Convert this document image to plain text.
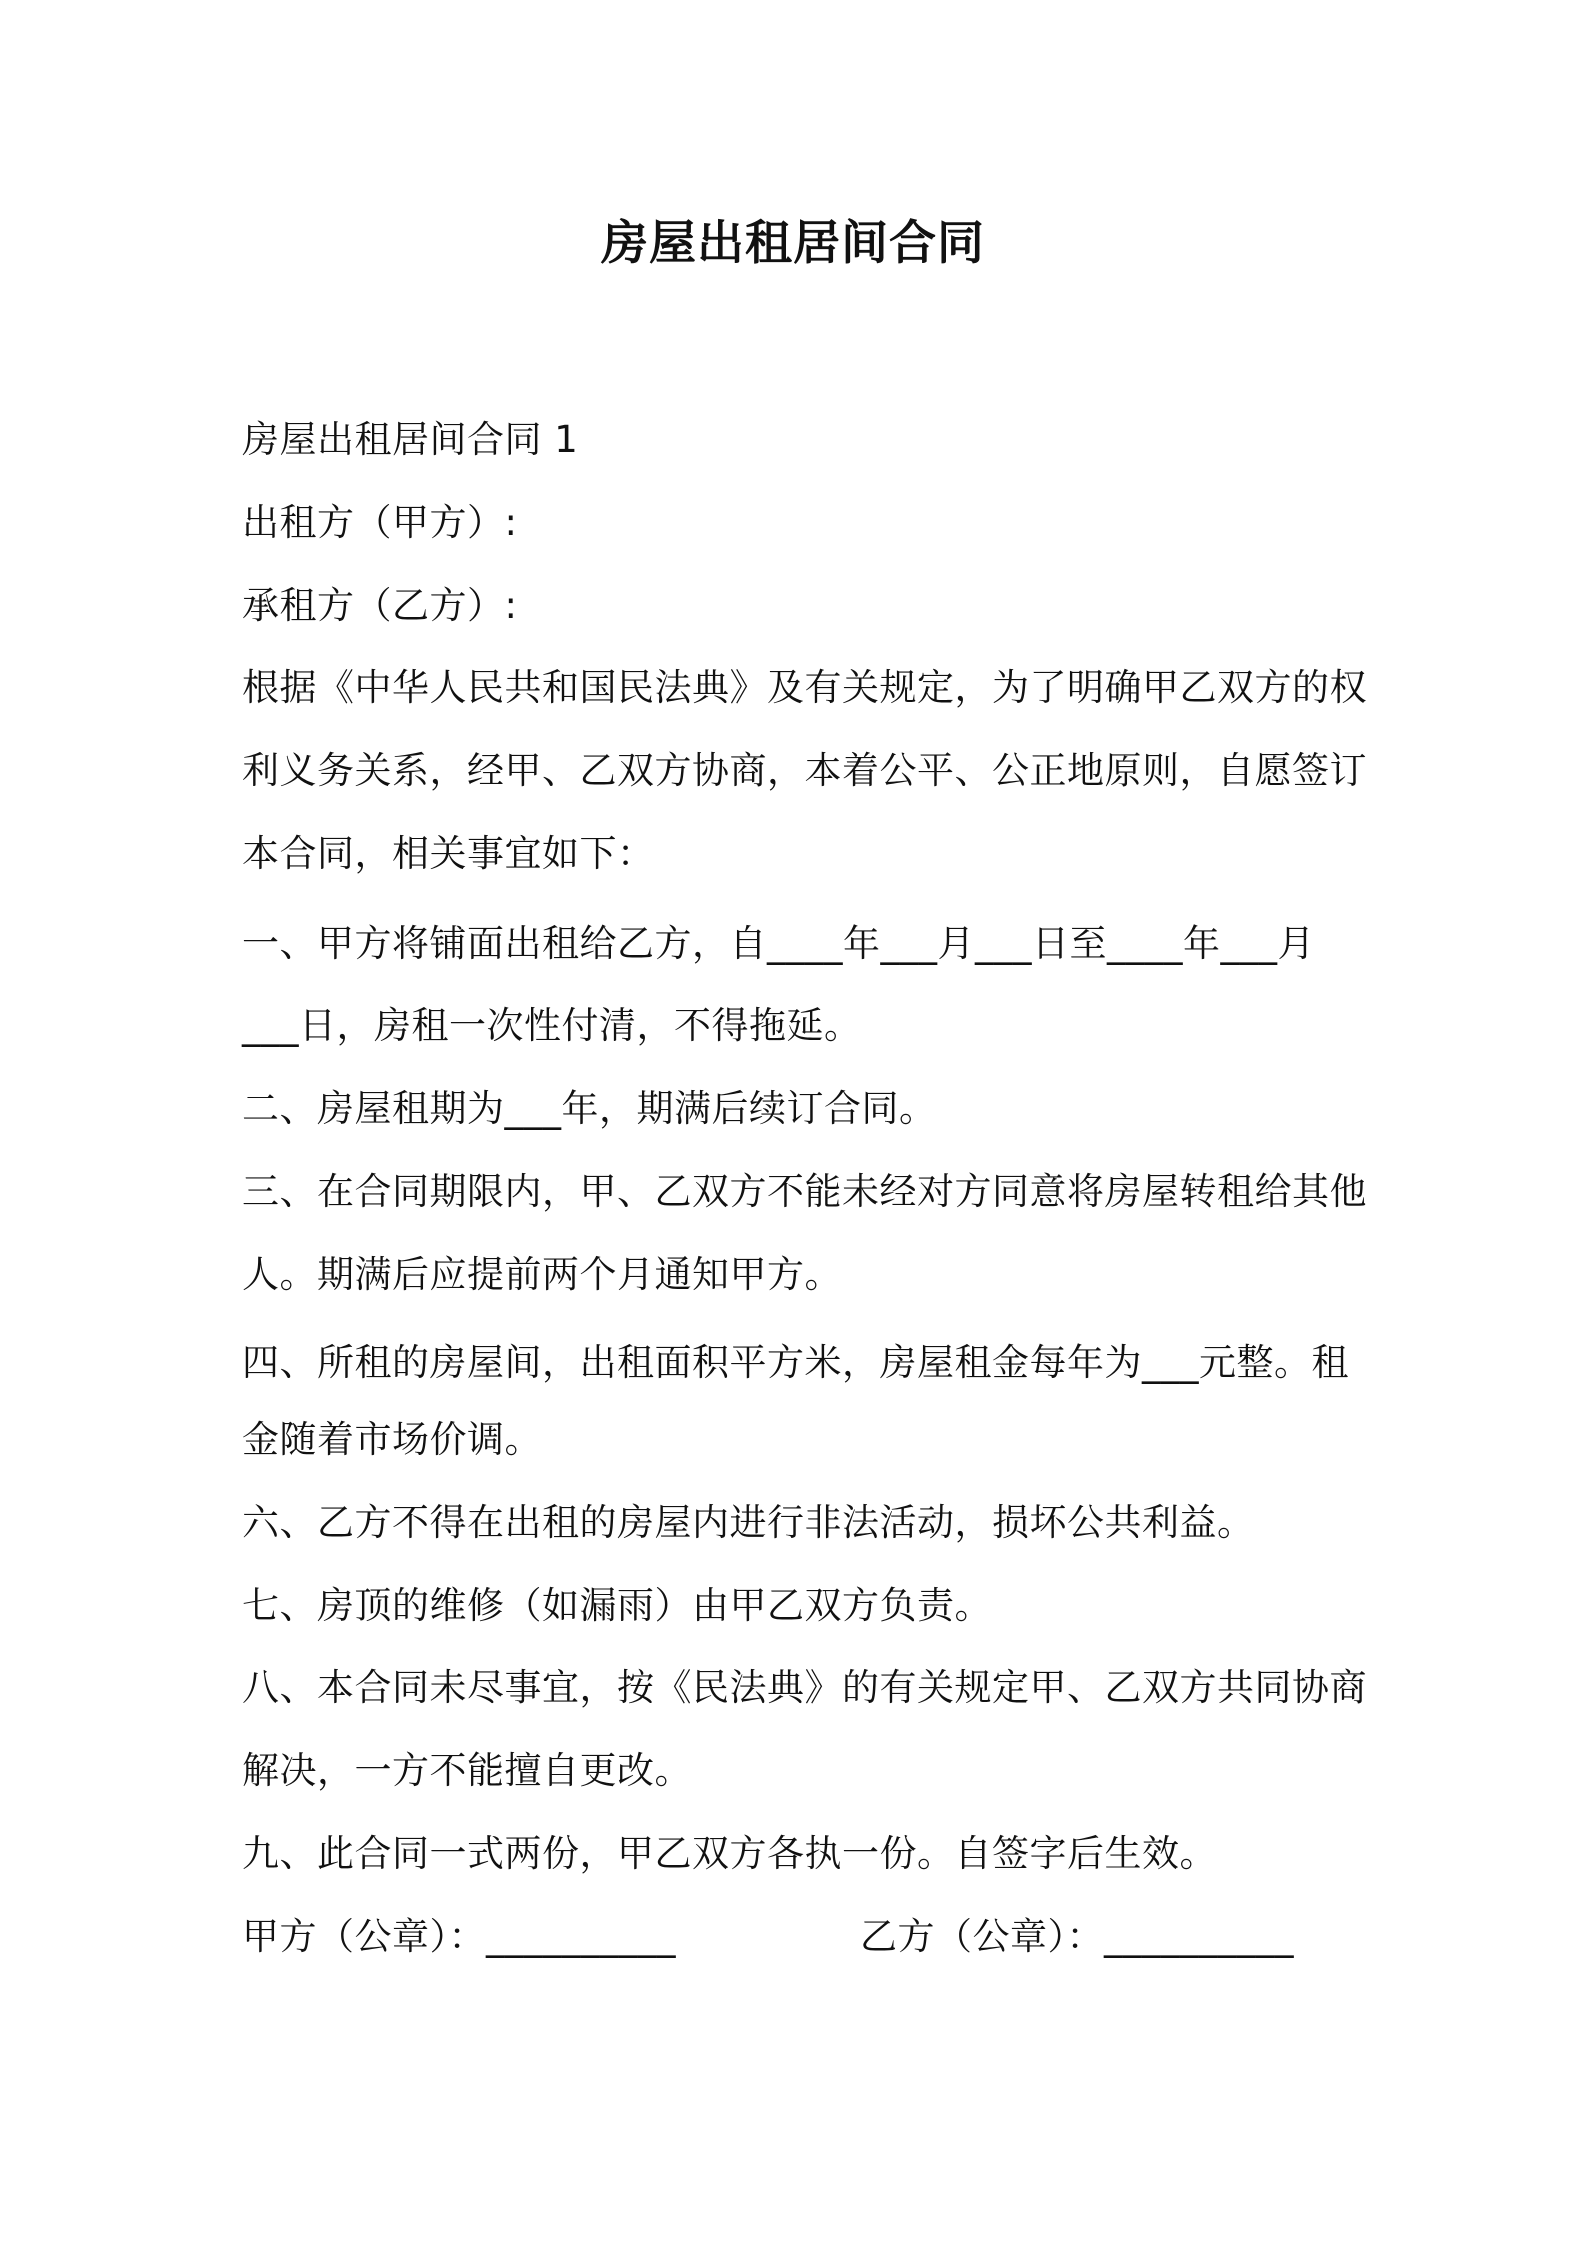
房屋出租居间合同

房屋出租居间合同 1

出租方（甲方）:

承租方（乙方）:

根据《中华人民共和国民法典》及有关规定，为了明确甲乙双方的权

利义务关系，经甲、乙双方协商，本着公平、公正地原则，自愿签订

本合同，相关事宜如下：

一、甲方将铺面出租给乙方，自____年___月___日至____年___月

___日，房租一次性付清，不得拖延。

二、房屋租期为___年，期满后续订合同。

三、在合同期限内，甲、乙双方不能未经对方同意将房屋转租给其他

人。期满后应提前两个月通知甲方。

四、所租的房屋间，出租面积平方米，房屋租金每年为___元整。租

金随着市场价调。

六、乙方不得在出租的房屋内进行非法活动，损坏公共利益。

七、房顶的维修（如漏雨）由甲乙双方负责。

八、本合同未尽事宜，按《民法典》的有关规定甲、乙双方共同协商

解决，一方不能擅自更改。

九、此合同一式两份，甲乙双方各执一份。自签字后生效。

甲方（公章）：__________	乙方（公章）：__________
